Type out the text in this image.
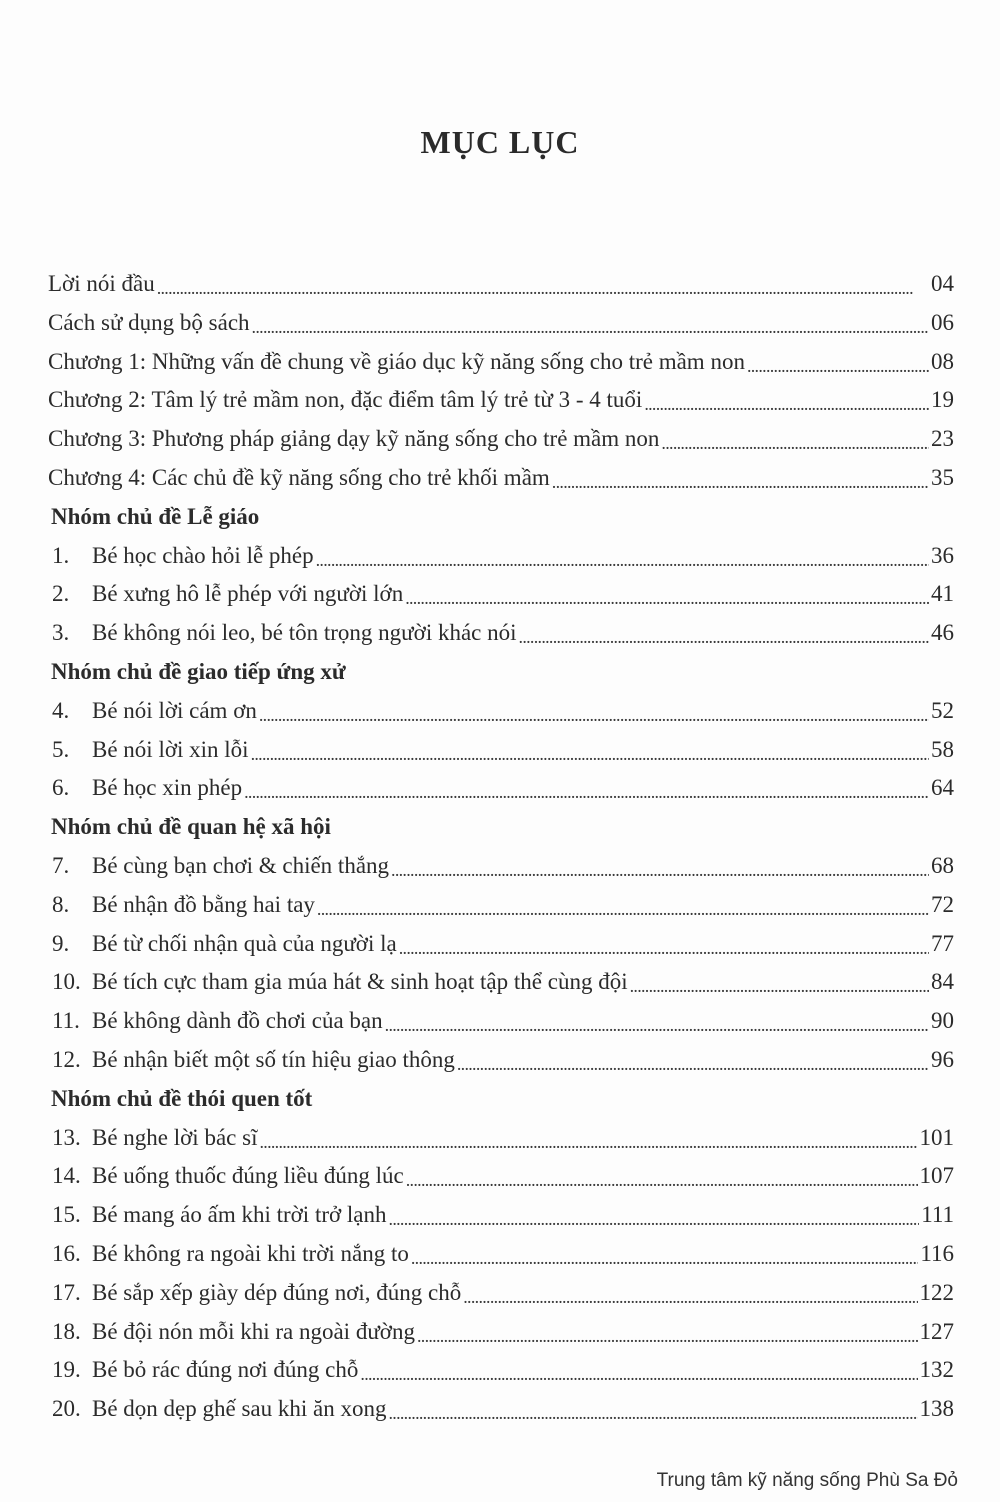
MỤC LỤC
Lời nói đầu . . .	04
Cách sử dụng bộ sách . . .	06
Chương 1: Những vấn đề chung về giáo dục kỹ năng sống cho trẻ mầm non . . .	08
Chương 2: Tâm lý trẻ mầm non, đặc điểm tâm lý trẻ từ 3 - 4 tuổi . . .	19
Chương 3: Phương pháp giảng dạy kỹ năng sống cho trẻ mầm non . . .	23
Chương 4: Các chủ đề kỹ năng sống cho trẻ khối mầm . . .	35
Nhóm chủ đề Lễ giáo
1. Bé học chào hỏi lễ phép . . .	36
2. Bé xưng hô lễ phép với người lớn . . .	41
3. Bé không nói leo, bé tôn trọng người khác nói . . .	46
Nhóm chủ đề giao tiếp ứng xử
4. Bé nói lời cám ơn . . .	52
5. Bé nói lời xin lỗi . . .	58
6. Bé học xin phép . . .	64
Nhóm chủ đề quan hệ xã hội
7. Bé cùng bạn chơi & chiến thắng . . .	68
8. Bé nhận đồ bằng hai tay . . .	72
9. Bé từ chối nhận quà của người lạ . . .	77
10. Bé tích cực tham gia múa hát & sinh hoạt tập thể cùng đội . . .	84
11. Bé không dành đồ chơi của bạn . . .	90
12. Bé nhận biết một số tín hiệu giao thông . . .	96
Nhóm chủ đề thói quen tốt
13. Bé nghe lời bác sĩ . . .	101
14. Bé uống thuốc đúng liều đúng lúc . . .	107
15. Bé mang áo ấm khi trời trở lạnh . . .	111
16. Bé không ra ngoài khi trời nắng to . . .	116
17. Bé sắp xếp giày dép đúng nơi, đúng chỗ . . .	122
18. Bé đội nón mỗi khi ra ngoài đường . . .	127
19. Bé bỏ rác đúng nơi đúng chỗ . . .	132
20. Bé dọn dẹp ghế sau khi ăn xong . . .	138
Trung tâm kỹ năng sống Phù Sa Đỏ
